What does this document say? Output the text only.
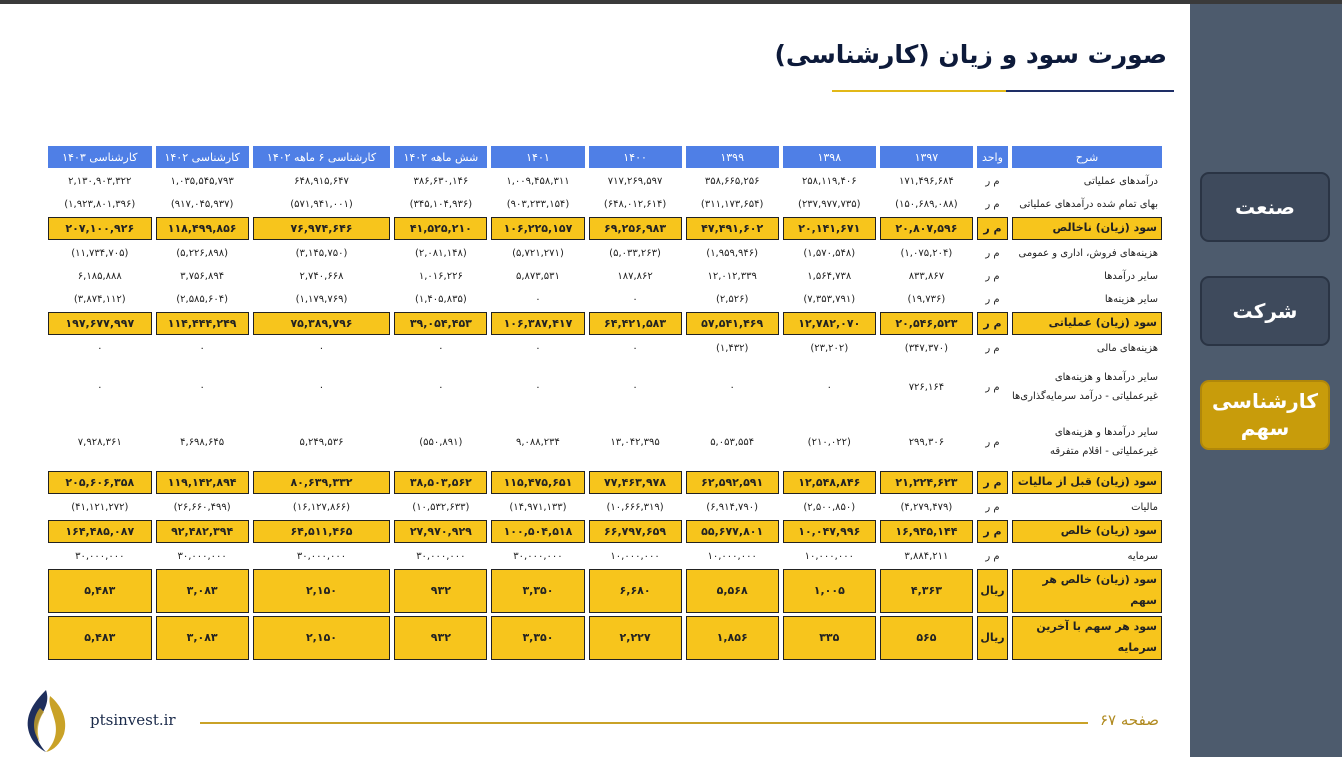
صورت سود و زیان (کارشناسی)
شرح	واحد	۱۳۹۷	۱۳۹۸	۱۳۹۹	۱۴۰۰	۱۴۰۱	شش ماهه ۱۴۰۲	کارشناسی ۶ ماهه ۱۴۰۲	کارشناسی ۱۴۰۲	کارشناسی ۱۴۰۳
درآمدهای عملیاتی	م ر	۱۷۱,۴۹۶,۶۸۴	۲۵۸,۱۱۹,۴۰۶	۳۵۸,۶۶۵,۲۵۶	۷۱۷,۲۶۹,۵۹۷	۱,۰۰۹,۴۵۸,۳۱۱	۳۸۶,۶۳۰,۱۴۶	۶۴۸,۹۱۵,۶۴۷	۱,۰۳۵,۵۴۵,۷۹۳	۲,۱۳۰,۹۰۳,۳۲۲
بهای تمام شده درآمدهای عملیاتی	م ر	(۱۵۰,۶۸۹,۰۸۸)	(۲۳۷,۹۷۷,۷۳۵)	(۳۱۱,۱۷۳,۶۵۴)	(۶۴۸,۰۱۲,۶۱۴)	(۹۰۳,۲۳۳,۱۵۴)	(۳۴۵,۱۰۴,۹۳۶)	(۵۷۱,۹۴۱,۰۰۱)	(۹۱۷,۰۴۵,۹۳۷)	(۱,۹۲۳,۸۰۱,۳۹۶)
سود (زیان) ناخالص	م ر	۲۰,۸۰۷,۵۹۶	۲۰,۱۴۱,۶۷۱	۴۷,۴۹۱,۶۰۲	۶۹,۲۵۶,۹۸۳	۱۰۶,۲۲۵,۱۵۷	۴۱,۵۲۵,۲۱۰	۷۶,۹۷۴,۶۴۶	۱۱۸,۴۹۹,۸۵۶	۲۰۷,۱۰۰,۹۲۶
هزینه‌های فروش، اداری و عمومی	م ر	(۱,۰۷۵,۲۰۴)	(۱,۵۷۰,۵۴۸)	(۱,۹۵۹,۹۴۶)	(۵,۰۳۳,۲۶۳)	(۵,۷۲۱,۲۷۱)	(۲,۰۸۱,۱۴۸)	(۳,۱۴۵,۷۵۰)	(۵,۲۲۶,۸۹۸)	(۱۱,۷۳۴,۷۰۵)
سایر درآمدها	م ر	۸۳۳,۸۶۷	۱,۵۶۴,۷۳۸	۱۲,۰۱۲,۳۳۹	۱۸۷,۸۶۲	۵,۸۷۳,۵۳۱	۱,۰۱۶,۲۲۶	۲,۷۴۰,۶۶۸	۳,۷۵۶,۸۹۴	۶,۱۸۵,۸۸۸
سایر هزینه‌ها	م ر	(۱۹,۷۳۶)	(۷,۳۵۳,۷۹۱)	(۲,۵۲۶)	۰	۰	(۱,۴۰۵,۸۳۵)	(۱,۱۷۹,۷۶۹)	(۲,۵۸۵,۶۰۴)	(۳,۸۷۴,۱۱۲)
سود (زیان) عملیاتی	م ر	۲۰,۵۴۶,۵۲۳	۱۲,۷۸۲,۰۷۰	۵۷,۵۴۱,۴۶۹	۶۴,۴۲۱,۵۸۳	۱۰۶,۳۸۷,۴۱۷	۳۹,۰۵۴,۴۵۳	۷۵,۳۸۹,۷۹۶	۱۱۴,۴۴۴,۲۴۹	۱۹۷,۶۷۷,۹۹۷
هزینه‌های مالی	م ر	(۳۴۷,۳۷۰)	(۲۳,۲۰۲)	(۱,۴۳۲)	۰	۰	۰	۰	۰	۰
سایر درآمدها و هزینه‌های غیرعملیاتی - درآمد سرمایه‌گذاری‌ها	م ر	۷۲۶,۱۶۴	۰	۰	۰	۰	۰	۰	۰	۰
سایر درآمدها و هزینه‌های غیرعملیاتی - اقلام متفرقه	م ر	۲۹۹,۳۰۶	(۲۱۰,۰۲۲)	۵,۰۵۳,۵۵۴	۱۳,۰۴۲,۳۹۵	۹,۰۸۸,۲۳۴	(۵۵۰,۸۹۱)	۵,۲۴۹,۵۳۶	۴,۶۹۸,۶۴۵	۷,۹۲۸,۳۶۱
سود (زیان) قبل از مالیات	م ر	۲۱,۲۲۴,۶۲۳	۱۲,۵۴۸,۸۴۶	۶۲,۵۹۲,۵۹۱	۷۷,۴۶۳,۹۷۸	۱۱۵,۴۷۵,۶۵۱	۳۸,۵۰۳,۵۶۲	۸۰,۶۳۹,۳۳۲	۱۱۹,۱۴۲,۸۹۴	۲۰۵,۶۰۶,۳۵۸
مالیات	م ر	(۴,۲۷۹,۴۷۹)	(۲,۵۰۰,۸۵۰)	(۶,۹۱۴,۷۹۰)	(۱۰,۶۶۶,۳۱۹)	(۱۴,۹۷۱,۱۳۳)	(۱۰,۵۳۲,۶۳۳)	(۱۶,۱۲۷,۸۶۶)	(۲۶,۶۶۰,۴۹۹)	(۴۱,۱۲۱,۲۷۲)
سود (زیان) خالص	م ر	۱۶,۹۴۵,۱۴۴	۱۰,۰۴۷,۹۹۶	۵۵,۶۷۷,۸۰۱	۶۶,۷۹۷,۶۵۹	۱۰۰,۵۰۴,۵۱۸	۲۷,۹۷۰,۹۲۹	۶۴,۵۱۱,۴۶۵	۹۲,۴۸۲,۳۹۴	۱۶۴,۴۸۵,۰۸۷
سرمایه	م ر	۳,۸۸۴,۲۱۱	۱۰,۰۰۰,۰۰۰	۱۰,۰۰۰,۰۰۰	۱۰,۰۰۰,۰۰۰	۳۰,۰۰۰,۰۰۰	۳۰,۰۰۰,۰۰۰	۳۰,۰۰۰,۰۰۰	۳۰,۰۰۰,۰۰۰	۳۰,۰۰۰,۰۰۰
سود (زیان) خالص هر سهم	ریال	۴,۳۶۳	۱,۰۰۵	۵,۵۶۸	۶,۶۸۰	۳,۳۵۰	۹۳۲	۲,۱۵۰	۳,۰۸۳	۵,۴۸۳
سود هر سهم با آخرین سرمایه	ریال	۵۶۵	۳۳۵	۱,۸۵۶	۲,۲۲۷	۳,۳۵۰	۹۳۲	۲,۱۵۰	۳,۰۸۳	۵,۴۸۳
ptsinvest.ir	صفحه ۶۷
صنعت
شرکت
کارشناسی سهم
